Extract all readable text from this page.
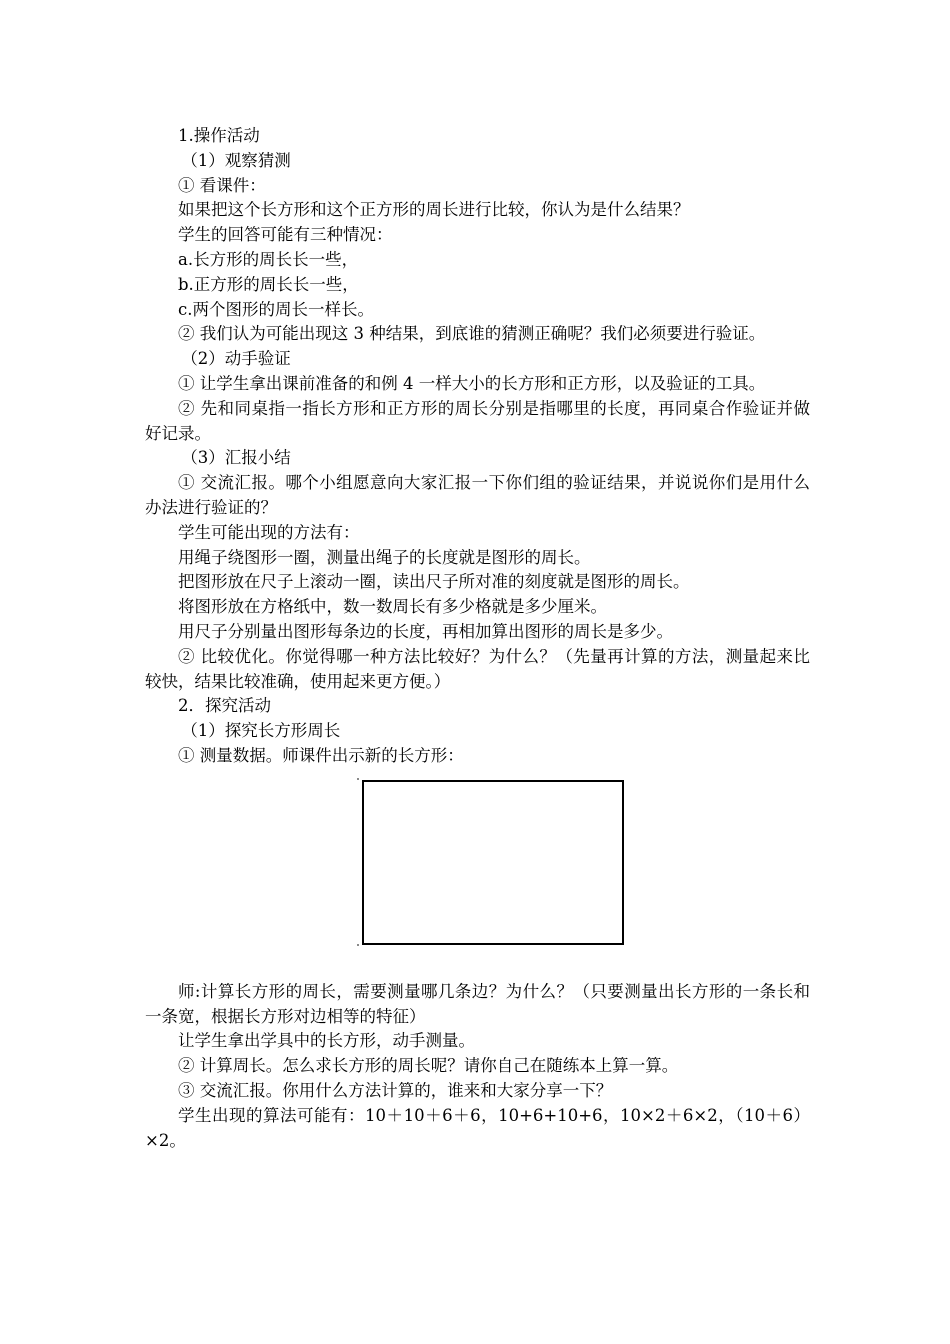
1.操作活动

（1）观察猜测

① 看课件：

如果把这个长方形和这个正方形的周长进行比较，你认为是什么结果？

学生的回答可能有三种情况：

a.长方形的周长长一些，

b.正方形的周长长一些，

c.两个图形的周长一样长。

② 我们认为可能出现这 3 种结果，到底谁的猜测正确呢？我们必须要进行验证。

（2）动手验证

① 让学生拿出课前准备的和例 4 一样大小的长方形和正方形，以及验证的工具。

② 先和同桌指一指长方形和正方形的周长分别是指哪里的长度，再同桌合作验证并做好记录。

（3）汇报小结

① 交流汇报。哪个小组愿意向大家汇报一下你们组的验证结果，并说说你们是用什么办法进行验证的？

学生可能出现的方法有：

用绳子绕图形一圈，测量出绳子的长度就是图形的周长。

把图形放在尺子上滚动一圈，读出尺子所对准的刻度就是图形的周长。

将图形放在方格纸中，数一数周长有多少格就是多少厘米。

用尺子分别量出图形每条边的长度，再相加算出图形的周长是多少。

② 比较优化。你觉得哪一种方法比较好？为什么？（先量再计算的方法，测量起来比较快，结果比较准确，使用起来更方便。）

2．探究活动

（1）探究长方形周长

① 测量数据。师课件出示新的长方形：

师:计算长方形的周长，需要测量哪几条边？为什么？（只要测量出长方形的一条长和一条宽，根据长方形对边相等的特征）

让学生拿出学具中的长方形，动手测量。

② 计算周长。怎么求长方形的周长呢？请你自己在随练本上算一算。

③ 交流汇报。你用什么方法计算的，谁来和大家分享一下？

学生出现的算法可能有：10＋10＋6＋6，10+6+10+6，10×2＋6×2，（10＋6）×2。
